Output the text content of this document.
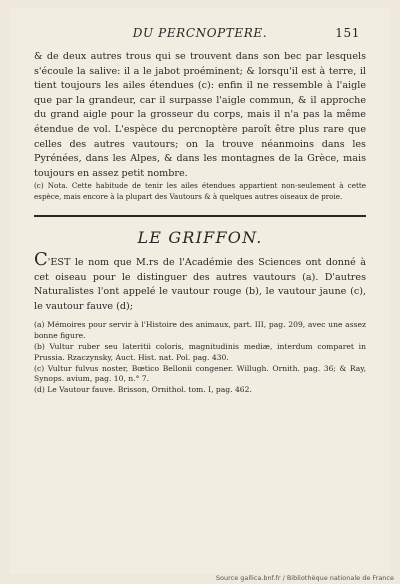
DU PERCNOPTERE.	151

& de deux autres trous qui se trouvent dans son bec par lesquels s'écoule la salive: il a le jabot proéminent; & lorsqu'il est à terre, il tient toujours les ailes étendues (c): enfin il ne ressemble à l'aigle que par la grandeur, car il surpasse l'aigle commun, & il approche du grand aigle pour la grosseur du corps, mais il n'a pas la même étendue de vol. L'espèce du percnoptère paroît être plus rare que celles des autres vautours; on la trouve néanmoins dans les Pyrénées, dans les Alpes, & dans les montagnes de la Grèce, mais toujours en assez petit nombre.

(c) Nota. Cette habitude de tenir les ailes étendues appartient non-seulement à cette espèce, mais encore à la plupart des Vautours & à quelques autres oiseaux de proie.

LE GRIFFON.

C'EST le nom que M.rs de l'Académie des Sciences ont donné à cet oiseau pour le distinguer des autres vautours (a). D'autres Naturalistes l'ont appelé le vautour rouge (b), le vautour jaune (c), le vautour fauve (d);

(a) Mémoires pour servir à l'Histoire des animaux, part. III, pag. 209, avec une assez bonne figure.

(b) Vultur ruber seu lateritii coloris, magnitudinis mediæ, interdum comparet in Prussia. Rzaczynsky, Auct. Hist. nat. Pol. pag. 430.

(c) Vultur fulvus noster, Bœtico Bellonii congener. Willugh. Ornith. pag. 36; & Ray, Synops. avium, pag. 10, n.° 7.

(d) Le Vautour fauve. Brisson, Ornithol. tom. I, pag. 462.

Source gallica.bnf.fr / Bibliothèque nationale de France
